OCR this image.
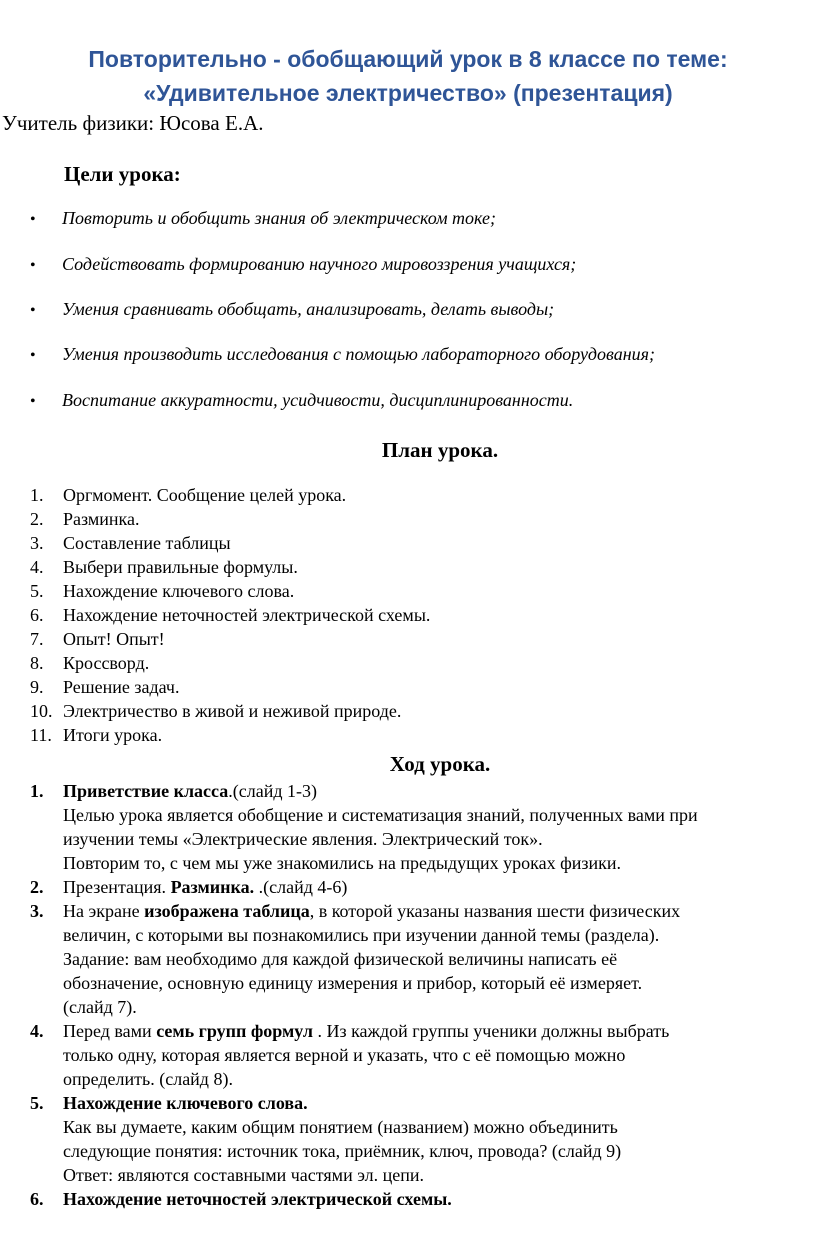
Повторительно - обобщающий урок в 8 классе по теме:
«Удивительное электричество» (презентация)
Учитель физики: Юсова Е.А.
Цели урока:
• Повторить и обобщить знания об электрическом токе;
• Содействовать формированию научного мировоззрения учащихся;
• Умения сравнивать обобщать, анализировать, делать выводы;
• Умения производить исследования с помощью лабораторного оборудования;
• Воспитание аккуратности, усидчивости, дисциплинированности.
План урока.
1. Оргмомент. Сообщение целей урока.
2. Разминка.
3. Составление таблицы
4. Выбери правильные формулы.
5. Нахождение ключевого слова.
6. Нахождение неточностей электрической схемы.
7. Опыт! Опыт!
8. Кроссворд.
9. Решение задач.
10. Электричество в живой и неживой природе.
11. Итоги урока.
Ход урока.
1. Приветствие класса.(слайд 1-3)
Целью урока является обобщение и систематизация знаний, полученных вами при
изучении темы «Электрические явления. Электрический ток».
Повторим то, с чем мы уже знакомились на предыдущих уроках физики.
2. Презентация. Разминка. .(слайд 4-6)
3. На экране изображена таблица, в которой указаны названия шести физических
величин, с которыми вы познакомились при изучении данной темы (раздела).
Задание: вам необходимо для каждой физической величины написать её
обозначение, основную единицу измерения и прибор, который её измеряет.
(слайд 7).
4. Перед вами семь групп формул . Из каждой группы ученики должны выбрать
только одну, которая является верной и указать, что с её помощью можно
определить. (слайд 8).
5. Нахождение ключевого слова.
Как вы думаете, каким общим понятием (названием) можно объединить
следующие понятия: источник тока, приёмник, ключ, провода? (слайд 9)
Ответ: являются составными частями эл. цепи.
6. Нахождение неточностей электрической схемы.
